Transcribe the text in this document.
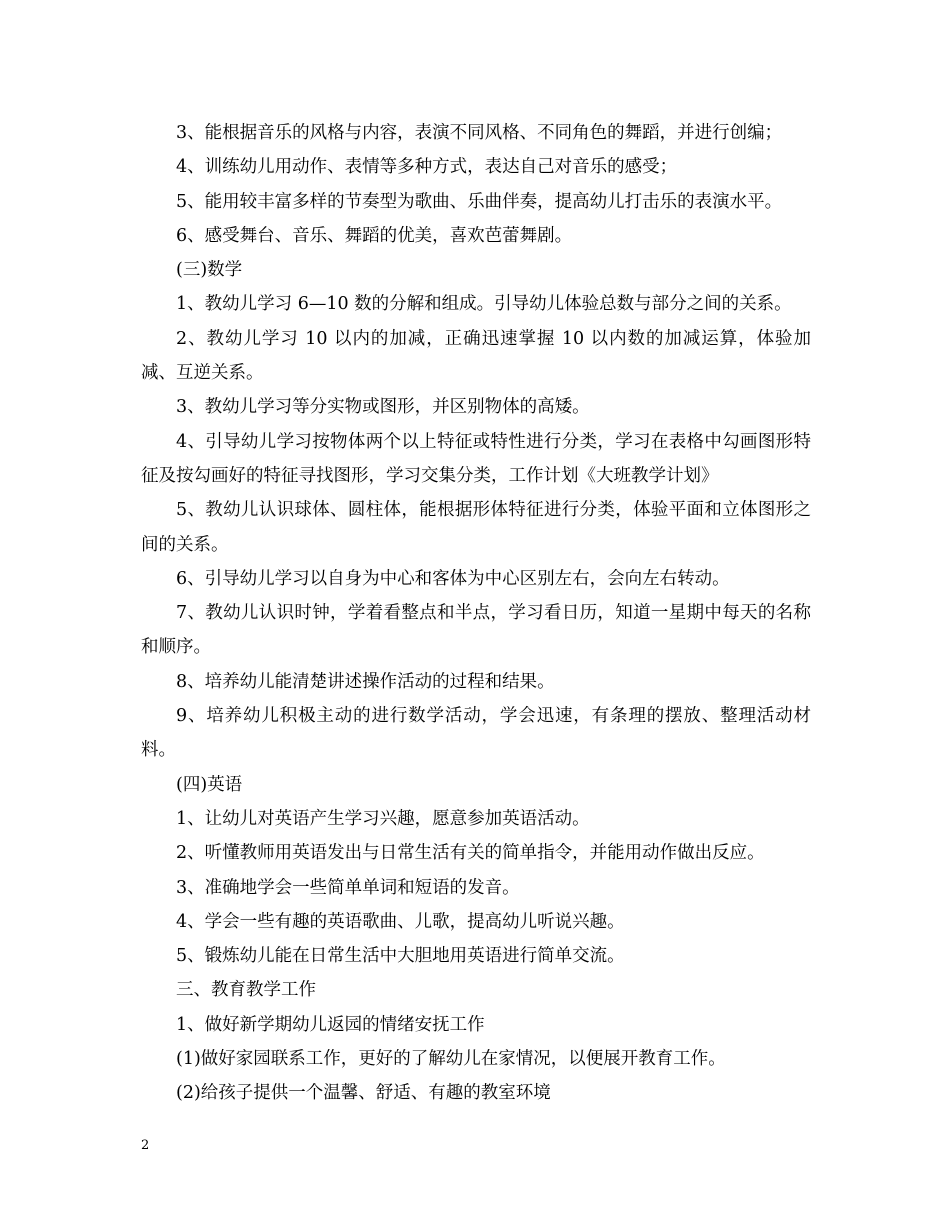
3、能根据音乐的风格与内容，表演不同风格、不同角色的舞蹈，并进行创编；

4、训练幼儿用动作、表情等多种方式，表达自己对音乐的感受；

5、能用较丰富多样的节奏型为歌曲、乐曲伴奏，提高幼儿打击乐的表演水平。

6、感受舞台、音乐、舞蹈的优美，喜欢芭蕾舞剧。

(三)数学

1、教幼儿学习 6—10 数的分解和组成。引导幼儿体验总数与部分之间的关系。

2、教幼儿学习 10 以内的加减，正确迅速掌握 10 以内数的加减运算，体验加减、互逆关系。

3、教幼儿学习等分实物或图形，并区别物体的高矮。

4、引导幼儿学习按物体两个以上特征或特性进行分类，学习在表格中勾画图形特征及按勾画好的特征寻找图形，学习交集分类，工作计划《大班教学计划》

5、教幼儿认识球体、圆柱体，能根据形体特征进行分类，体验平面和立体图形之间的关系。

6、引导幼儿学习以自身为中心和客体为中心区别左右，会向左右转动。

7、教幼儿认识时钟，学着看整点和半点，学习看日历，知道一星期中每天的名称和顺序。

8、培养幼儿能清楚讲述操作活动的过程和结果。

9、培养幼儿积极主动的进行数学活动，学会迅速，有条理的摆放、整理活动材料。

(四)英语

1、让幼儿对英语产生学习兴趣，愿意参加英语活动。

2、听懂教师用英语发出与日常生活有关的简单指令，并能用动作做出反应。

3、准确地学会一些简单单词和短语的发音。

4、学会一些有趣的英语歌曲、儿歌，提高幼儿听说兴趣。

5、锻炼幼儿能在日常生活中大胆地用英语进行简单交流。

三、教育教学工作

1、做好新学期幼儿返园的情绪安抚工作

(1)做好家园联系工作，更好的了解幼儿在家情况，以便展开教育工作。

(2)给孩子提供一个温馨、舒适、有趣的教室环境

2
